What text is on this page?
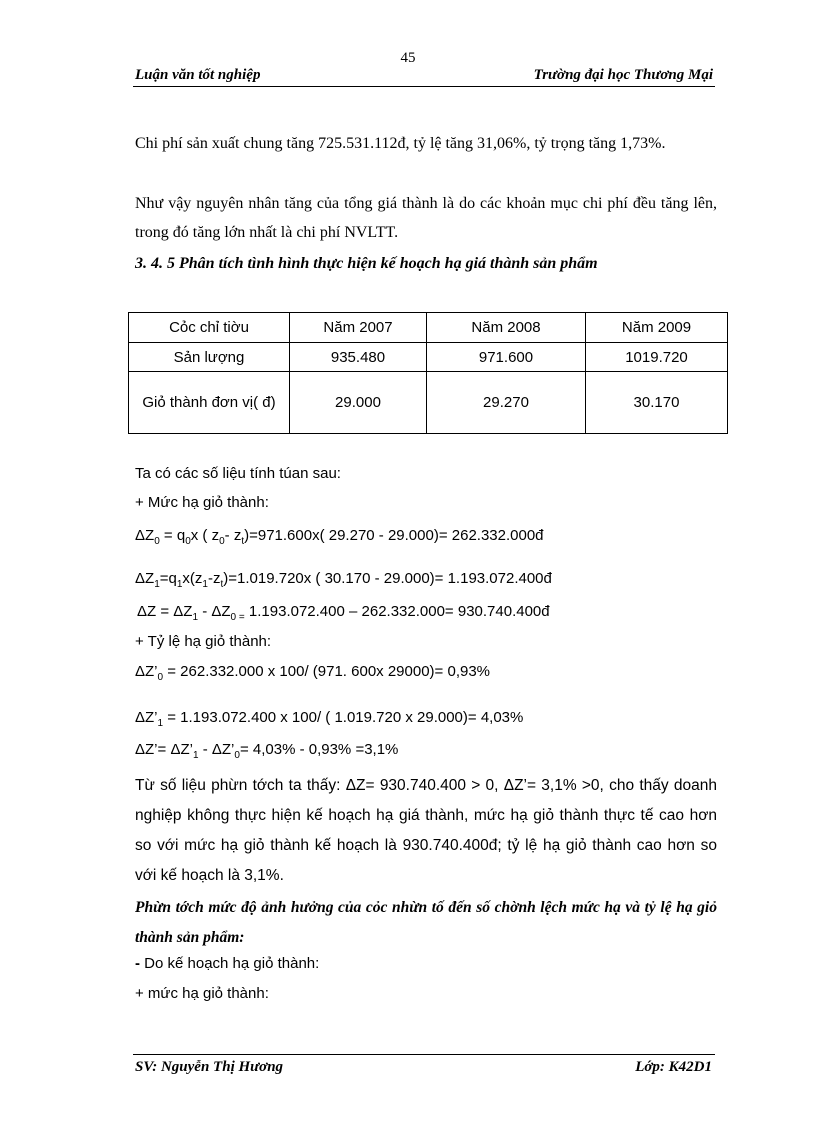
45
Luận văn tốt nghiệp	Trường đại học Thương Mại
Chi phí sản xuất chung tăng 725.531.112đ, tỷ lệ tăng 31,06%, tỷ trọng tăng 1,73%.
Như vậy nguyên nhân tăng của tổng giá thành là do các khoản mục chi phí đều tăng lên, trong đó tăng lớn nhất là chi phí NVLTT.
3. 4. 5 Phân tích tình hình thực hiện kế hoạch hạ giá thành sản phẩm
Cỏc chỉ tiờu	Năm 2007	Năm 2008	Năm 2009
Sản lượng	935.480	971.600	1019.720
Giỏ thành đơn vị( đ)	29.000	29.270	30.170
Ta có các số liệu tính túan sau:
+ Mức hạ giỏ thành:
$\Delta Z_0 = q_0x$ ( $z_0-$ $z_t)=971.600x$( 29.270 - 29.000)= 262.332.000đ
$\Delta Z_1=q_1x(z_1-z_t)=1.019.720x$ ( 30.170 - 29.000)= 1.193.072.400đ
$\Delta Z = \Delta Z_1 - \Delta Z_{0 =}$ 1.193.072.400 – 262.332.000= 930.740.400đ
+ Tỷ lệ hạ giỏ thành:
$\Delta Z’_0 = 262.332.000$ x 100/ (971. 600x 29000)= 0,93%
$\Delta Z’_1 = 1.193.072.400$ x 100/ ( 1.019.720 x 29.000)= 4,03%
ΔZ’= $\Delta Z’_1$ - $\Delta Z’_0= 4,03\% - 0,93\% =3,1\%$
Từ số liệu phừn tớch ta thấy: ΔZ= 930.740.400 > 0, ΔZ’= 3,1% >0, cho thấy doanh nghiệp không thực hiện kế hoạch hạ giá thành, mức hạ giỏ thành thực tế cao hơn so với mức hạ giỏ thành kế hoạch là 930.740.400đ; tỷ lệ hạ giỏ thành cao hơn so với kế hoạch là 3,1%.
Phừn tớch mức độ ảnh hưởng của cỏc nhừn tố đến số chờnh lệch mức hạ và tỷ lệ hạ giỏ thành sản phẩm:
- Do kế hoạch hạ giỏ thành:
+ mức hạ giỏ thành:
SV: Nguyễn Thị Hương	Lớp: K42D1
